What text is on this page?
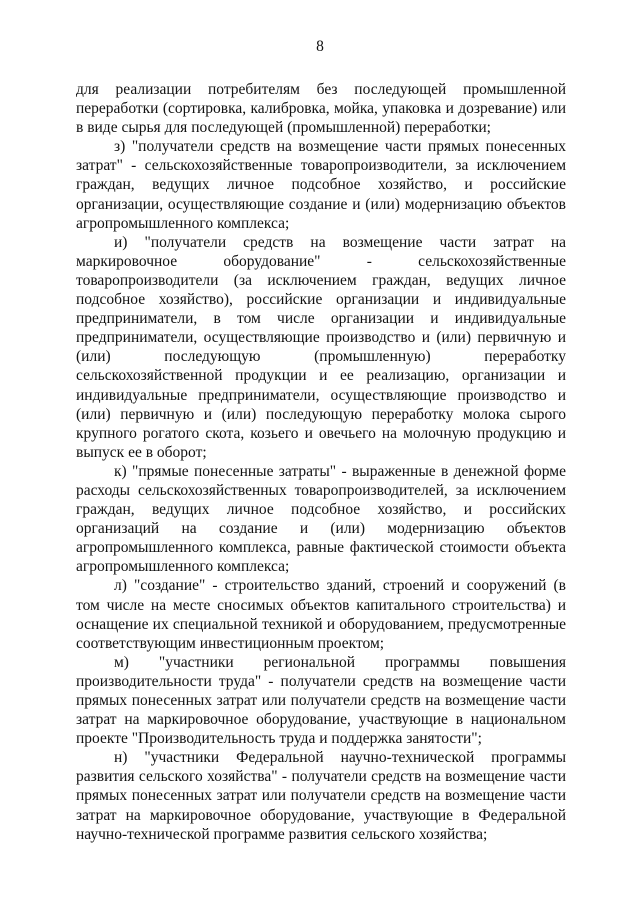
8

для реализации потребителям без последующей промышленной переработки (сортировка, калибровка, мойка, упаковка и дозревание) или в виде сырья для последующей (промышленной) переработки;

з) "получатели средств на возмещение части прямых понесенных затрат" - сельскохозяйственные товаропроизводители, за исключением граждан, ведущих личное подсобное хозяйство, и российские организации, осуществляющие создание и (или) модернизацию объектов агропромышленного комплекса;

и) "получатели средств на возмещение части затрат на маркировочное оборудование" - сельскохозяйственные товаропроизводители (за исключением граждан, ведущих личное подсобное хозяйство), российские организации и индивидуальные предприниматели, в том числе организации и индивидуальные предприниматели, осуществляющие производство и (или) первичную и (или) последующую (промышленную) переработку сельскохозяйственной продукции и ее реализацию, организации и индивидуальные предприниматели, осуществляющие производство и (или) первичную и (или) последующую переработку молока сырого крупного рогатого скота, козьего и овечьего на молочную продукцию и выпуск ее в оборот;

к) "прямые понесенные затраты" - выраженные в денежной форме расходы сельскохозяйственных товаропроизводителей, за исключением граждан, ведущих личное подсобное хозяйство, и российских организаций на создание и (или) модернизацию объектов агропромышленного комплекса, равные фактической стоимости объекта агропромышленного комплекса;

л) "создание" - строительство зданий, строений и сооружений (в том числе на месте сносимых объектов капитального строительства) и оснащение их специальной техникой и оборудованием, предусмотренные соответствующим инвестиционным проектом;

м) "участники региональной программы повышения производительности труда" - получатели средств на возмещение части прямых понесенных затрат или получатели средств на возмещение части затрат на маркировочное оборудование, участвующие в национальном проекте "Производительность труда и поддержка занятости";

н) "участники Федеральной научно-технической программы развития сельского хозяйства" - получатели средств на возмещение части прямых понесенных затрат или получатели средств на возмещение части затрат на маркировочное оборудование, участвующие в Федеральной научно-технической программе развития сельского хозяйства;
